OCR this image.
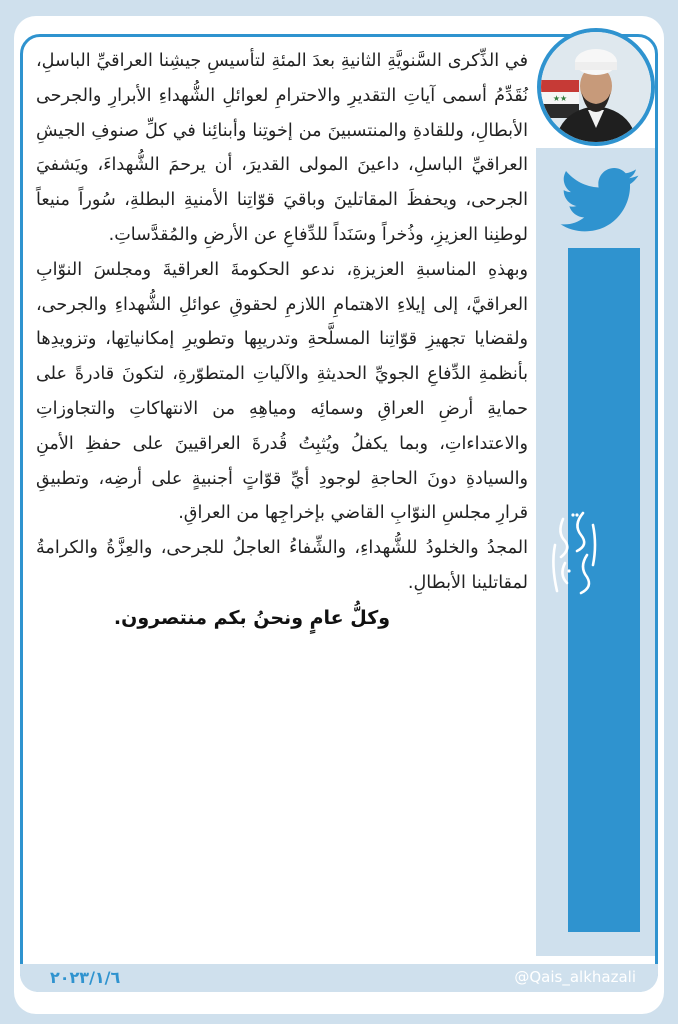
★★

في الذِّكرى السَّنويَّةِ الثانيةِ بعدَ المئةِ لتأسيسِ جيشِنا العراقيِّ الباسلِ، نُقَدِّمُ أسمى آياتِ التقديرِ والاحترامِ لعوائلِ الشُّهداءِ الأبرارِ والجرحى الأبطالِ، وللقادةِ والمنتسبينَ من إخوتِنا وأبنائِنا في كلِّ صنوفِ الجيشِ العراقيِّ الباسلِ، داعينَ المولى القديرَ، أن يرحمَ الشُّهداءَ، ويَشفيَ الجرحى، ويحفظَ المقاتلينَ وباقيَ قوّاتِنا الأمنيةِ البطلةِ، سُوراً منيعاً لوطنِنا العزيزِ، وذُخراً وسَنَداً للدِّفاعِ عن الأرضِ والمُقدَّساتِ.

وبهذهِ المناسبةِ العزيزةِ، ندعو الحكومةَ العراقيةَ ومجلسَ النوّابِ العراقيَّ، إلى إيلاءِ الاهتمامِ اللازمِ لحقوقِ عوائلِ الشُّهداءِ والجرحى، ولقضايا تجهيزِ قوّاتِنا المسلَّحةِ وتدريبِها وتطويرِ إمكانياتِها، وتزويدِها بأنظمةِ الدِّفاعِ الجويِّ الحديثةِ والآلياتِ المتطوّرةِ، لتكونَ قادرةً على حمايةِ أرضِ العراقِ وسمائِه ومياهِهِ من الانتهاكاتِ والتجاوزاتِ والاعتداءاتِ، وبما يكفلُ ويُثبِتُ قُدرةَ العراقيينَ على حفظِ الأمنِ والسيادةِ دونَ الحاجةِ لوجودِ أيِّ قوّاتٍ أجنبيةٍ على أرضِه، وتطبيقِ قرارِ مجلسِ النوّابِ القاضي بإخراجِها من العراقِ.

المجدُ والخلودُ للشُّهداءِ، والشِّفاءُ العاجلُ للجرحى، والعِزَّةُ والكرامةُ لمقاتلينا الأبطالِ.

وكلُّ عامٍ ونحنُ بكم منتصرون.

٢٠٢٣/١/٦	@Qais_alkhazali
